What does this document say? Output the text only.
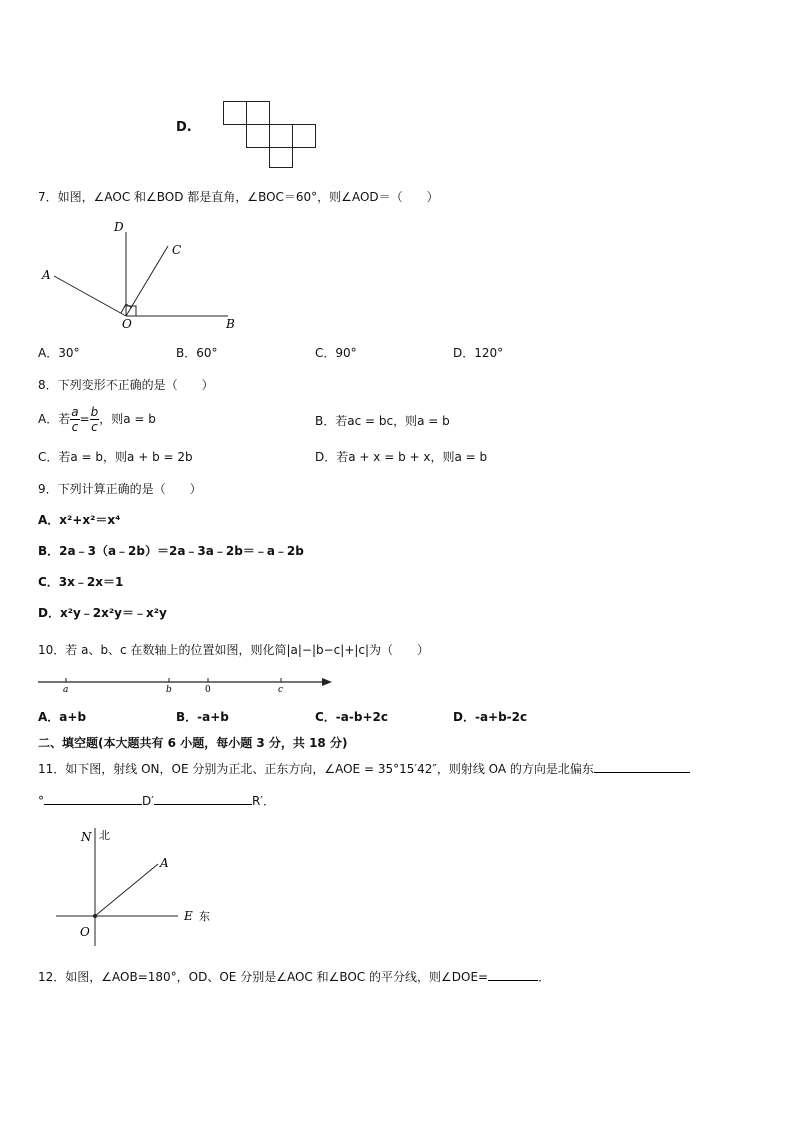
D.
7．如图，∠AOC 和∠BOD 都是直角，∠BOC＝60°，则∠AOD＝（　　）
D
C
A
O	B
A．30°	B．60°	C．90°	D．120°
8．下列变形不正确的是（　　）
A．若 $\frac{a}{c} = \frac{b}{c}$ ，则a = b	B．若ac = bc，则a = b
C．若a = b，则a + b = 2b	D．若a + x = b + x，则a = b
9．下列计算正确的是（　　）
A．x²+x²＝x⁴
B．2a﹣3（a﹣2b）＝2a﹣3a﹣2b＝﹣a﹣2b
C．3x﹣2x＝1
D．x²y﹣2x²y＝﹣x²y
10．若 a、b、c 在数轴上的位置如图，则化简|a|−|b−c|+|c|为（　　）
a	b	0	c
A．a+b	B．-a+b	C．-a-b+2c	D．-a+b-2c
二、填空题(本大题共有 6 小题，每小题 3 分，共 18 分)
11．如下图，射线 ON，OE 分别为正北、正东方向，∠AOE = 35°15′42″，则射线 OA 的方向是北偏东
°	D′	R′．
N 北
A
E 东
O
12．如图，∠AOB=180°，OD、OE 分别是∠AOC 和∠BOC 的平分线，则∠DOE=	．
